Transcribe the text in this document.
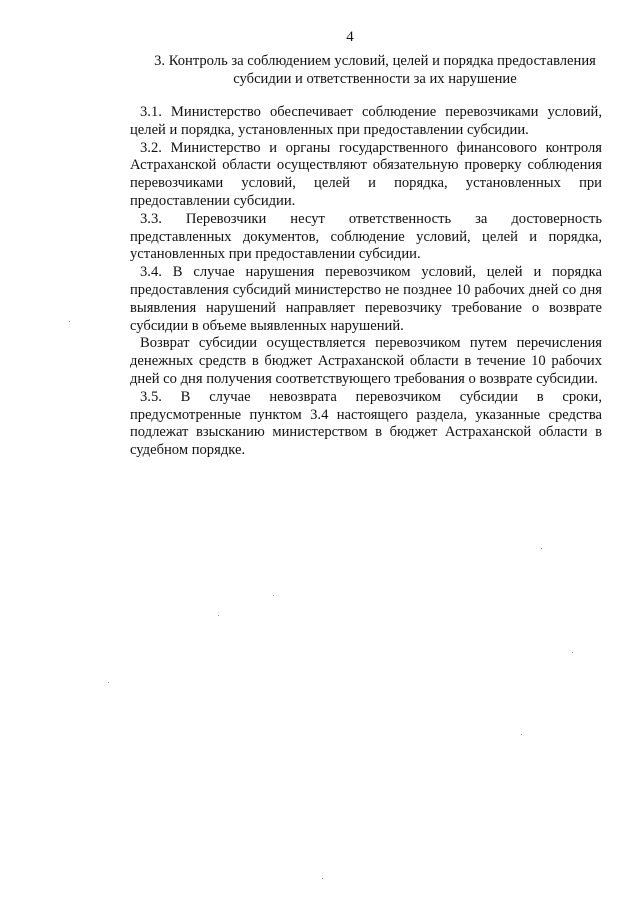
4
3. Контроль за соблюдением условий, целей и порядка предоставления субсидии и ответственности за их нарушение

3.1. Министерство обеспечивает соблюдение перевозчиками условий, целей и порядка, установленных при предоставлении субсидии.

3.2. Министерство и органы государственного финансового контроля Астраханской области осуществляют обязательную проверку соблюдения перевозчиками условий, целей и порядка, установленных при предоставлении субсидии.

3.3. Перевозчики несут ответственность за достоверность представленных документов, соблюдение условий, целей и порядка, установленных при предоставлении субсидии.

3.4. В случае нарушения перевозчиком условий, целей и порядка предоставления субсидий министерство не позднее 10 рабочих дней со дня выявления нарушений направляет перевозчику требование о возврате субсидии в объеме выявленных нарушений.

Возврат субсидии осуществляется перевозчиком путем перечисления денежных средств в бюджет Астраханской области в течение 10 рабочих дней со дня получения соответствующего требования о возврате субсидии.

3.5. В случае невозврата перевозчиком субсидии в сроки, предусмотренные пунктом 3.4 настоящего раздела, указанные средства подлежат взысканию министерством в бюджет Астраханской области в судебном порядке.
